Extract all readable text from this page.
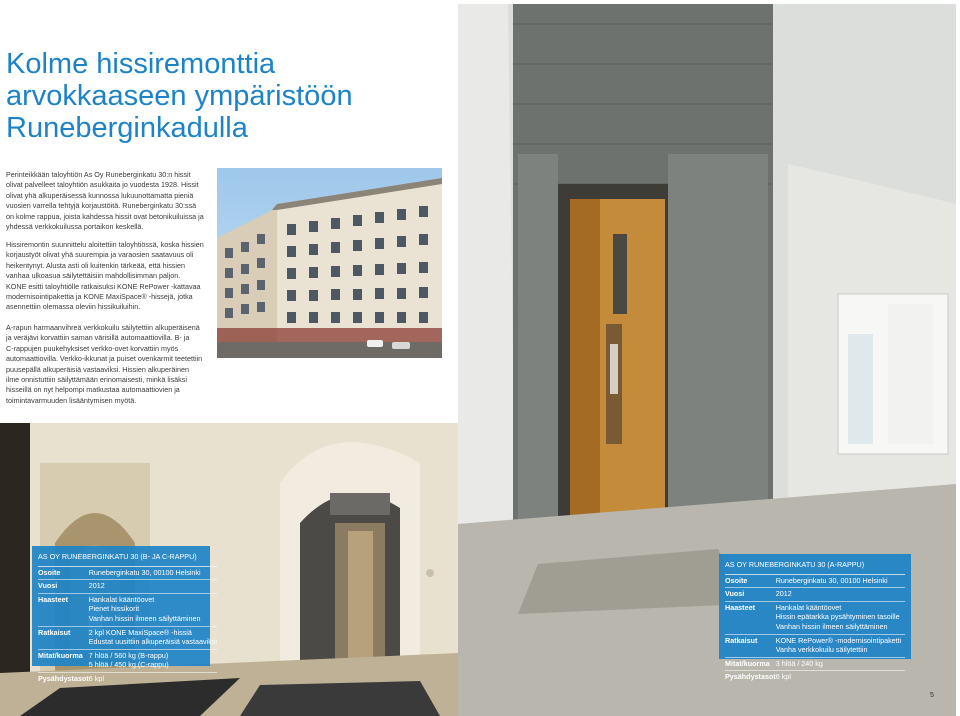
Kolme hissiremonttia
arvokkaaseen ympäristöön
Runeberginkadulla
Perinteikkään taloyhtiön As Oy Runeberginkatu 30:n hissit
olivat palvelleet taloyhtiön asukkaita jo vuodesta 1928. Hissit
olivat yhä alkuperäisessä kunnossa lukuunottamatta pieniä
vuosien varrella tehtyjä korjaustöitä. Runeberginkatu 30:ssä
on kolme rappua, joista kahdessa hissit ovat betonikuiluissa ja
yhdessä verkkokuilussa portaikon keskellä.
Hissiremontin suunnittelu aloitettiin taloyhtiössä, koska hissien
korjaustyöt olivat yhä suurempia ja varaosien saatavuus oli
heikentynyt. Alusta asti oli kuitenkin tärkeää, että hissien
vanhaa ulkoasua säilytettäisiin mahdollisimman paljon.
KONE esitti taloyhtiölle ratkaisuksi KONE RePower -kattavaa
modernisointipakettia ja KONE MaxiSpace® -hissejä, jotka
asennettiin olemassa oleviin hissikuiluihin.
A-rapun harmaanvihreä verkkokuilu säilytettiin alkuperäisenä
ja veräjävi korvattiin saman värisillä automaattiovilla. B- ja
C-rappujen puukehyksiset verkko-ovet korvattiin myös
automaattiovilla. Verkko-ikkunat ja puiset ovenkarmit teetettiin
puusepällä alkuperäisiä vastaaviksi. Hissien alkuperäinen
ilme onnistuttiin säilyttämään erinomaisesti, minkä lisäksi
hisseillä on nyt helpompi matkustaa automaattiovien ja
toimintavarmuuden lisääntymisen myötä.
AS OY RUNEBERGINKATU 30 (B- JA C-RAPPU)
Osoite	Runeberginkatu 30, 00100 Helsinki

Vuosi	2012

Haasteet	Hankalat kääntöovet
Pienet hissikorit
Vanhan hissin ilmeen säilyttäminen

Ratkaisut	2 kpl KONE MaxiSpace® -hissiä
Edustat uusittiin alkuperäisiä vastaaviksi

Mitat/kuorma	7 hlöä / 560 kg (B-rappu)
5 hlöä / 450 kg (C-rappu)

Pysähdystasot	6 kpl
AS OY RUNEBERGINKATU 30 (A-RAPPU)
Osoite	Runeberginkatu 30, 00100 Helsinki

Vuosi	2012

Haasteet	Hankalat kääntöovet
Hissin epätarkka pysähtyminen tasoille
Vanhan hissin ilmeen säilyttäminen

Ratkaisut	KONE RePower® -modernisointipaketti
Vanha verkkokuilu säilytettiin

Mitat/kuorma	3 hlöä / 240 kg

Pysähdystasot	6 kpl
5
